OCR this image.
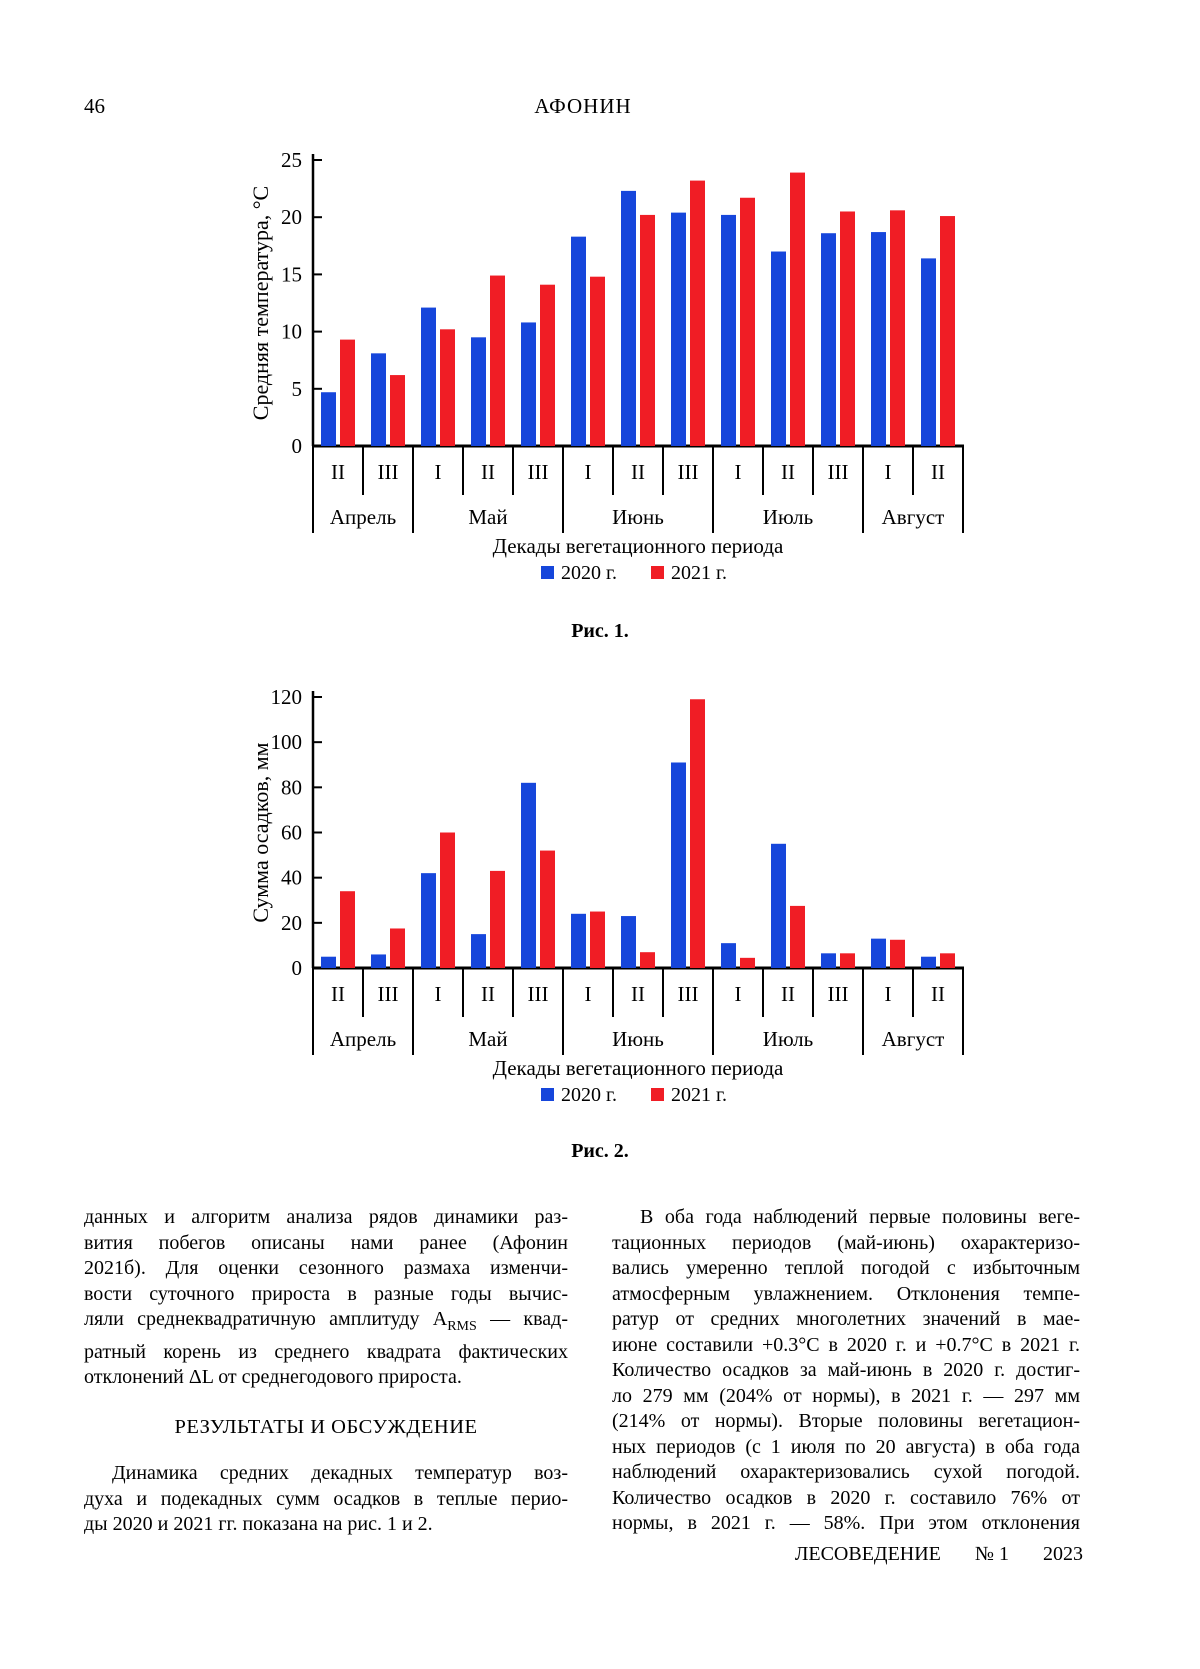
46	АФОНИН
0
5
10
15
20
25
II III I II III I II III I II III I II
Апрель	Май	Июнь	Июль	Август
Декады вегетационного периода
Средняя температура, °С
2020 г.	2021 г.
Рис. 1.
0
20
40
60
80
100
120
II III I II III I II III I II III I II
Апрель	Май	Июнь	Июль	Август
Декады вегетационного периода
Сумма осадков, мм
2020 г.	2021 г.
Рис. 2.
данных и алгоритм анализа рядов динамики раз-
вития побегов описаны нами ранее (Афонин
2021б). Для оценки сезонного размаха изменчи-
вости суточного прироста в разные годы вычис-
ляли среднеквадратичную амплитуду $A_{RMS}$ — квад-
ратный корень из среднего квадрата фактических
отклонений ΔL от среднегодового прироста.
РЕЗУЛЬТАТЫ И ОБСУЖДЕНИЕ
Динамика средних декадных температур воз-
духа и подекадных сумм осадков в теплые перио-
ды 2020 и 2021 гг. показана на рис. 1 и 2.
В оба года наблюдений первые половины веге-
тационных периодов (май-июнь) охарактеризо-
вались умеренно теплой погодой с избыточным
атмосферным увлажнением. Отклонения темпе-
ратур от средних многолетних значений в мае-
июне составили +0.3°С в 2020 г. и +0.7°С в 2021 г.
Количество осадков за май-июнь в 2020 г. достиг-
ло 279 мм (204% от нормы), в 2021 г. — 297 мм
(214% от нормы). Вторые половины вегетацион-
ных периодов (с 1 июля по 20 августа) в оба года
наблюдений охарактеризовались сухой погодой.
Количество осадков в 2020 г. составило 76% от
нормы, в 2021 г. — 58%. При этом отклонения
ЛЕСОВЕДЕНИЕ № 1 2023
